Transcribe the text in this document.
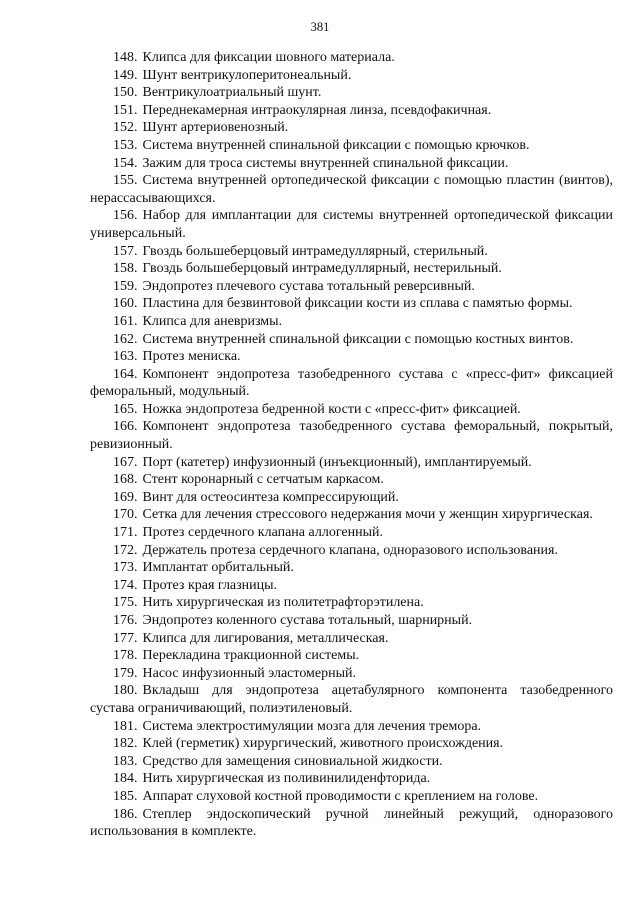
381

148. Клипса для фиксации шовного материала.

149. Шунт вентрикулоперитонеальный.

150. Вентрикулоатриальный шунт.

151. Переднекамерная интраокулярная линза, псевдофакичная.

152. Шунт артериовенозный.

153. Система внутренней спинальной фиксации с помощью крючков.

154. Зажим для троса системы внутренней спинальной фиксации.

155. Система внутренней ортопедической фиксации с помощью пластин (винтов), нерассасывающихся.

156. Набор для имплантации для системы внутренней ортопедической фиксации универсальный.

157. Гвоздь большеберцовый интрамедуллярный, стерильный.

158. Гвоздь большеберцовый интрамедуллярный, нестерильный.

159. Эндопротез плечевого сустава тотальный реверсивный.

160. Пластина для безвинтовой фиксации кости из сплава с памятью формы.

161. Клипса для аневризмы.

162. Система внутренней спинальной фиксации с помощью костных винтов.

163. Протез мениска.

164. Компонент эндопротеза тазобедренного сустава с «пресс-фит» фиксацией феморальный, модульный.

165. Ножка эндопротеза бедренной кости с «пресс-фит» фиксацией.

166. Компонент эндопротеза тазобедренного сустава феморальный, покрытый, ревизионный.

167. Порт (катетер) инфузионный (инъекционный), имплантируемый.

168. Стент коронарный с сетчатым каркасом.

169. Винт для остеосинтеза компрессирующий.

170. Сетка для лечения стрессового недержания мочи у женщин хирургическая.

171. Протез сердечного клапана аллогенный.

172. Держатель протеза сердечного клапана, одноразового использования.

173. Имплантат орбитальный.

174. Протез края глазницы.

175. Нить хирургическая из политетрафторэтилена.

176. Эндопротез коленного сустава тотальный, шарнирный.

177. Клипса для лигирования, металлическая.

178. Перекладина тракционной системы.

179. Насос инфузионный эластомерный.

180. Вкладыш для эндопротеза ацетабулярного компонента тазобедренного сустава ограничивающий, полиэтиленовый.

181. Система электростимуляции мозга для лечения тремора.

182. Клей (герметик) хирургический, животного происхождения.

183. Средство для замещения синовиальной жидкости.

184. Нить хирургическая из поливинилиденфторида.

185. Аппарат слуховой костной проводимости с креплением на голове.

186. Степлер эндоскопический ручной линейный режущий, одноразового использования в комплекте.
